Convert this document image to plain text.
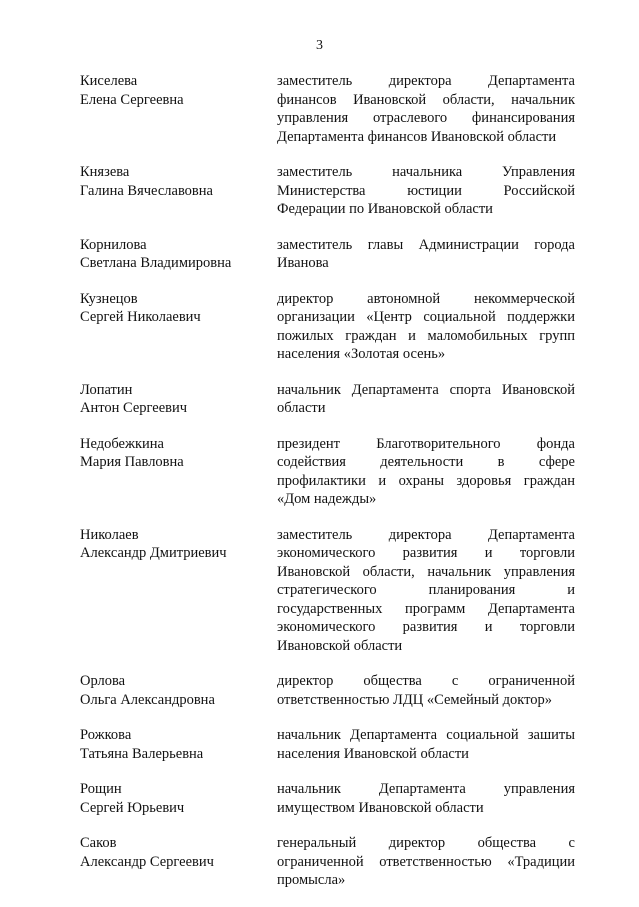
3
Киселева
Елена Сергеевна
заместитель директора Департамента
финансов Ивановской области, начальник
управления отраслевого финансирования
Департамента финансов Ивановской области
Князева
Галина Вячеславовна
заместитель начальника Управления
Министерства юстиции Российской
Федерации по Ивановской области
Корнилова
Светлана Владимировна
заместитель главы Администрации города
Иванова
Кузнецов
Сергей Николаевич
директор автономной некоммерческой
организации «Центр социальной поддержки
пожилых граждан и маломобильных групп
населения «Золотая осень»
Лопатин
Антон Сергеевич
начальник Департамента спорта Ивановской
области
Недобежкина
Мария Павловна
президент Благотворительного фонда
содействия деятельности в сфере
профилактики и охраны здоровья граждан
«Дом надежды»
Николаев
Александр Дмитриевич
заместитель директора Департамента
экономического развития и торговли
Ивановской области, начальник управления
стратегического планирования и
государственных программ Департамента
экономического развития и торговли
Ивановской области
Орлова
Ольга Александровна
директор общества с ограниченной
ответственностью ЛДЦ «Семейный доктор»
Рожкова
Татьяна Валерьевна
начальник Департамента социальной зашиты
населения Ивановской области
Рощин
Сергей Юрьевич
начальник Департамента управления
имуществом Ивановской области
Саков
Александр Сергеевич
генеральный директор общества с
ограниченной ответственностью «Традиции
промысла»
